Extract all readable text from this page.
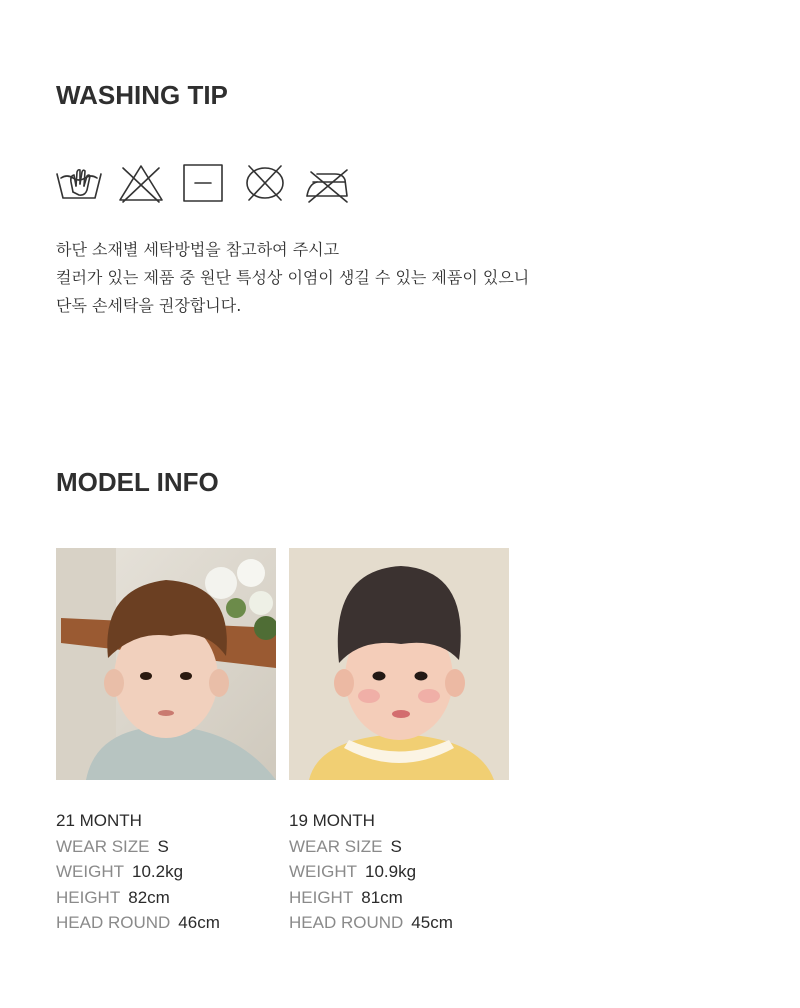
WASHING TIP
하단 소재별 세탁방법을 참고하여 주시고
컬러가 있는 제품 중 원단 특성상 이염이 생길 수 있는 제품이 있으니
단독 손세탁을 권장합니다.
MODEL INFO
21 MONTH
WEAR SIZE S
WEIGHT 10.2kg
HEIGHT 82cm
HEAD ROUND 46cm
19 MONTH
WEAR SIZE S
WEIGHT 10.9kg
HEIGHT 81cm
HEAD ROUND 45cm
